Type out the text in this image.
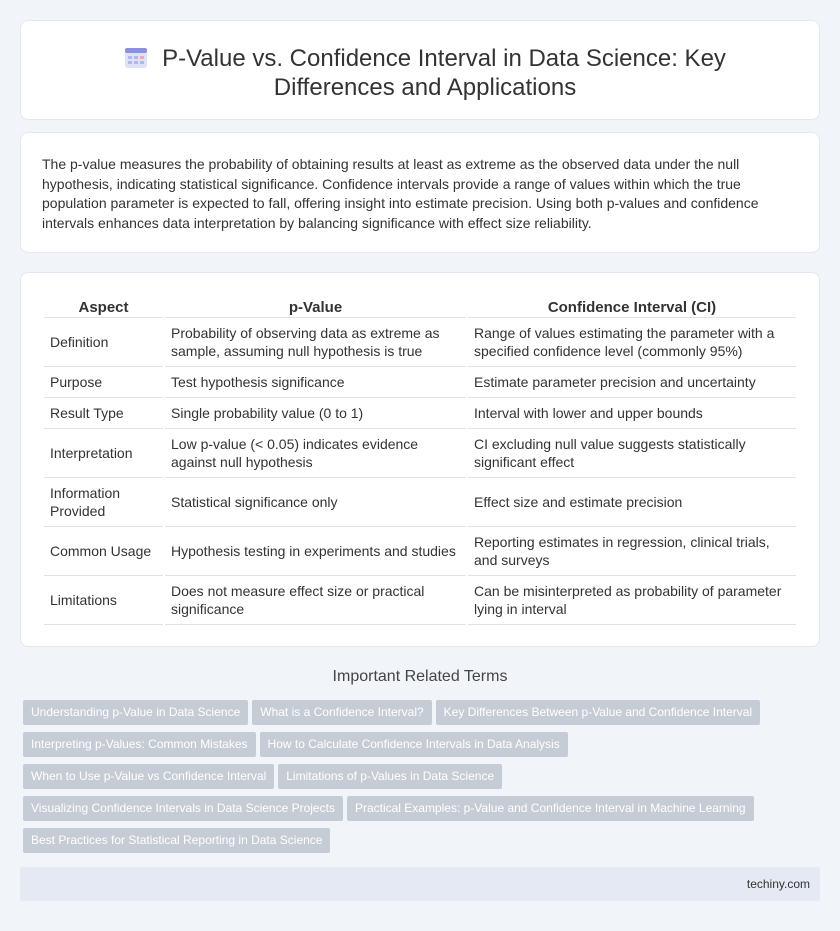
P-Value vs. Confidence Interval in Data Science: Key Differences and Applications

The p-value measures the probability of obtaining results at least as extreme as the observed data under the null hypothesis, indicating statistical significance. Confidence intervals provide a range of values within which the true population parameter is expected to fall, offering insight into estimate precision. Using both p-values and confidence intervals enhances data interpretation by balancing significance with effect size reliability.

Aspect	p-Value	Confidence Interval (CI)
Definition	Probability of observing data as extreme as sample, assuming null hypothesis is true	Range of values estimating the parameter with a specified confidence level (commonly 95%)
Purpose	Test hypothesis significance	Estimate parameter precision and uncertainty
Result Type	Single probability value (0 to 1)	Interval with lower and upper bounds
Interpretation	Low p-value (< 0.05) indicates evidence against null hypothesis	CI excluding null value suggests statistically significant effect
Information Provided	Statistical significance only	Effect size and estimate precision
Common Usage	Hypothesis testing in experiments and studies	Reporting estimates in regression, clinical trials, and surveys
Limitations	Does not measure effect size or practical significance	Can be misinterpreted as probability of parameter lying in interval
Important Related Terms
Understanding p-Value in Data Science What is a Confidence Interval? Key Differences Between p-Value and Confidence Interval
Interpreting p-Values: Common Mistakes How to Calculate Confidence Intervals in Data Analysis
When to Use p-Value vs Confidence Interval Limitations of p-Values in Data Science
Visualizing Confidence Intervals in Data Science Projects Practical Examples: p-Value and Confidence Interval in Machine Learning
Best Practices for Statistical Reporting in Data Science
techiny.com
